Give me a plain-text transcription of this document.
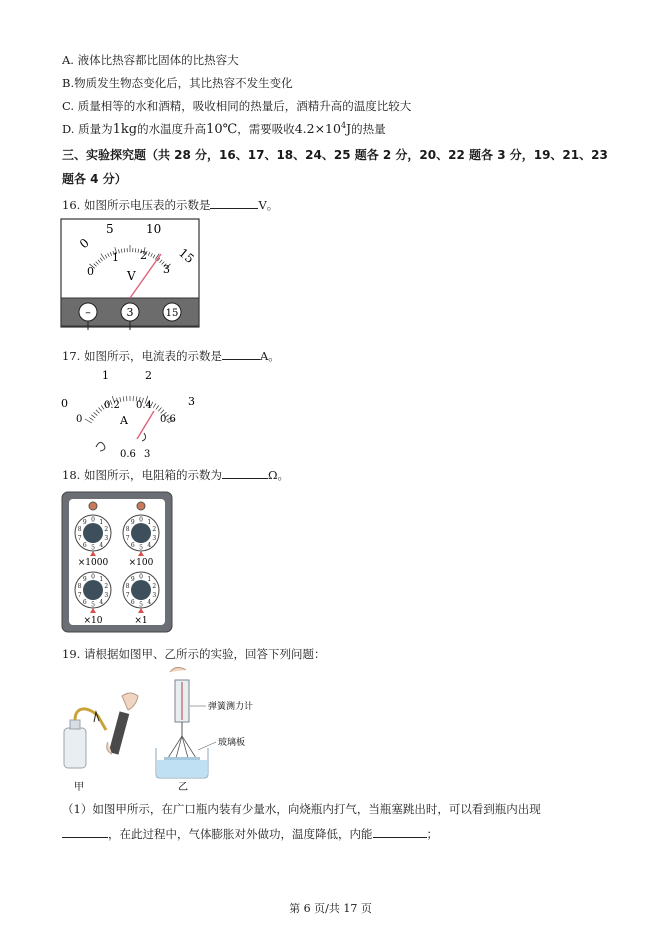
A. 液体比热容都比固体的比热容大
B.物质发生物态变化后，其比热容不发生变化
C. 质量相等的水和酒精，吸收相同的热量后，酒精升高的温度比较大
D. 质量为1kg的水温度升高10℃，需要吸收$4.2\times 10^4J$的热量
三、实验探究题（共 28 分，16、17、18、24、25 题各 2 分，20、22 题各 3 分，19、21、23
题各 4 分）
16. 如图所示电压表的示数是	V。
0
5	10
15
0
1 2
3
V
–	3	15
17. 如图所示，电流表的示数是	A。
0
1	2
3
0
0.2 0.4
0.6
A
0.6 3
18. 如图所示，电阻箱的示数为	Ω。
×1000 ×100
×10	×1
0 1
2
3
4
5
6
7
8
9	0 1
2
3
4
5
6
7
8
9
0 1
2
3
4
5
6
7
8
9	0 1
2
3
4
5
6
7
8
9
19. 请根据如图甲、乙所示的实验，回答下列问题：
甲
弹簧测力计
玻璃板
乙
（1）如图甲所示，在广口瓶内装有少量水，向烧瓶内打气，当瓶塞跳出时，可以看到瓶内出现
，在此过程中，气体膨胀对外做功，温度降低，内能	；
第 6 页/共 17 页
